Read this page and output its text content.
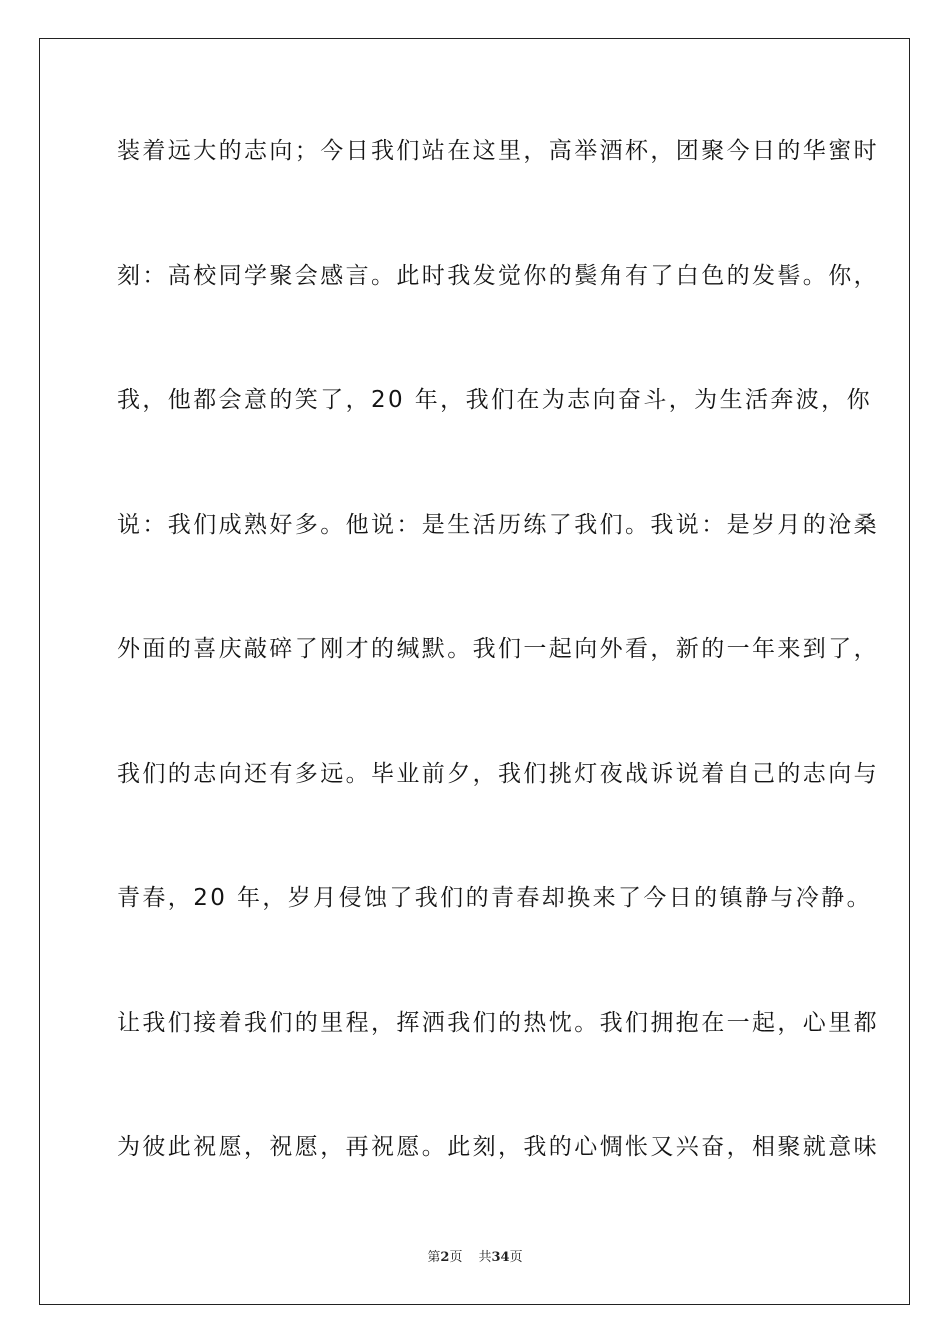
装着远大的志向；今日我们站在这里，高举酒杯，团聚今日的华蜜时
刻：高校同学聚会感言。此时我发觉你的鬓角有了白色的发髻。你，
我，他都会意的笑了，20 年，我们在为志向奋斗，为生活奔波，你
说：我们成熟好多。他说：是生活历练了我们。我说：是岁月的沧桑
外面的喜庆敲碎了刚才的缄默。我们一起向外看，新的一年来到了，
我们的志向还有多远。毕业前夕，我们挑灯夜战诉说着自己的志向与
青春，20 年，岁月侵蚀了我们的青春却换来了今日的镇静与冷静。
让我们接着我们的里程，挥洒我们的热忱。我们拥抱在一起，心里都
为彼此祝愿，祝愿，再祝愿。此刻，我的心惆怅又兴奋，相聚就意味
第2页 共34页
